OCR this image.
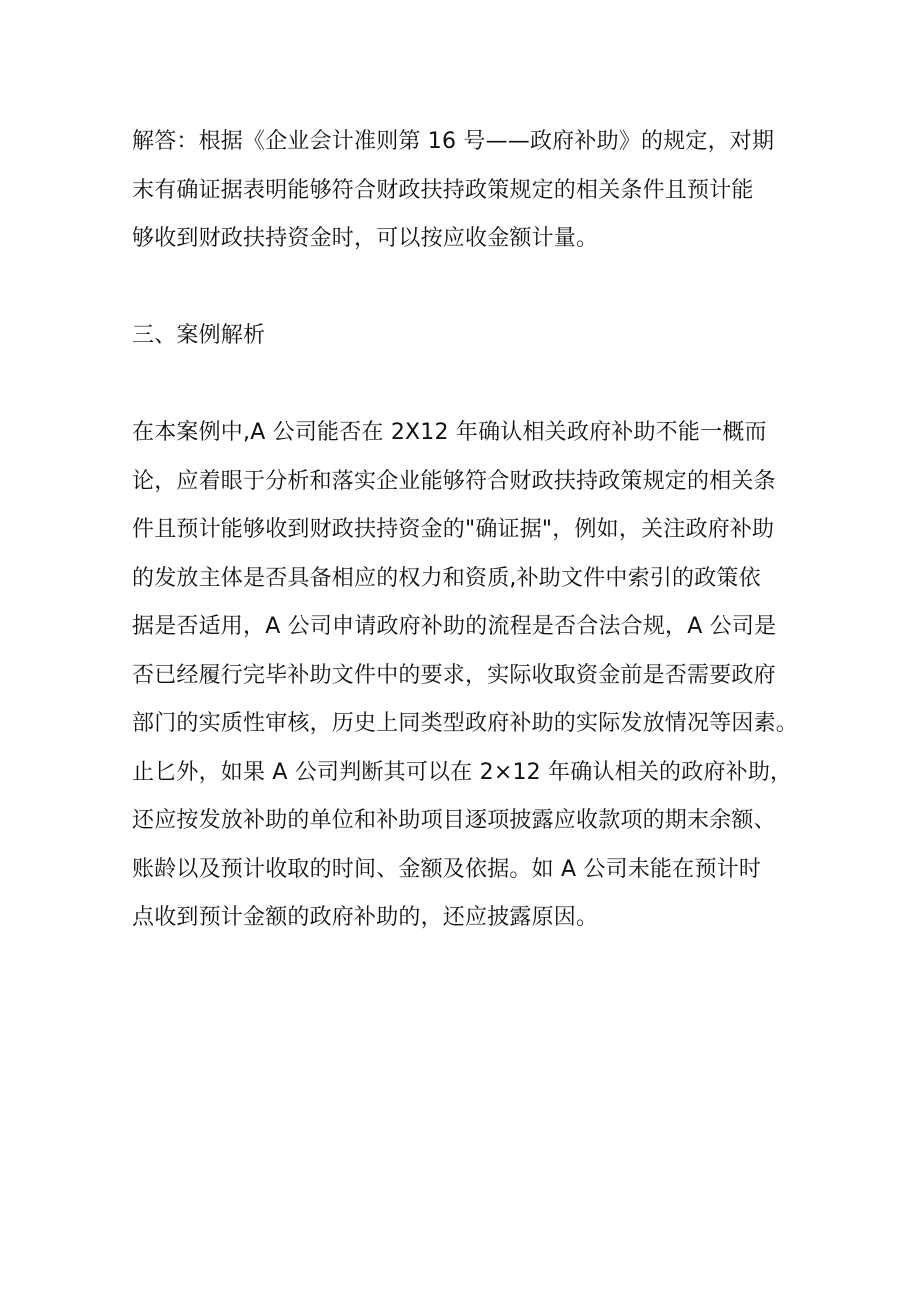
解答：根据《企业会计准则第 16 号——政府补助》的规定，对期
末有确证据表明能够符合财政扶持政策规定的相关条件且预计能
够收到财政扶持资金时，可以按应收金额计量。
三、案例解析
在本案例中,A 公司能否在 2X12 年确认相关政府补助不能一概而
论，应着眼于分析和落实企业能够符合财政扶持政策规定的相关条
件且预计能够收到财政扶持资金的"确证据"，例如，关注政府补助
的发放主体是否具备相应的权力和资质,补助文件中索引的政策依
据是否适用，A 公司申请政府补助的流程是否合法合规，A 公司是
否已经履行完毕补助文件中的要求，实际收取资金前是否需要政府
部门的实质性审核，历史上同类型政府补助的实际发放情况等因素。
止匕外，如果 A 公司判断其可以在 2×12 年确认相关的政府补助，
还应按发放补助的单位和补助项目逐项披露应收款项的期末余额、
账龄以及预计收取的时间、金额及依据。如 A 公司未能在预计时
点收到预计金额的政府补助的，还应披露原因。
